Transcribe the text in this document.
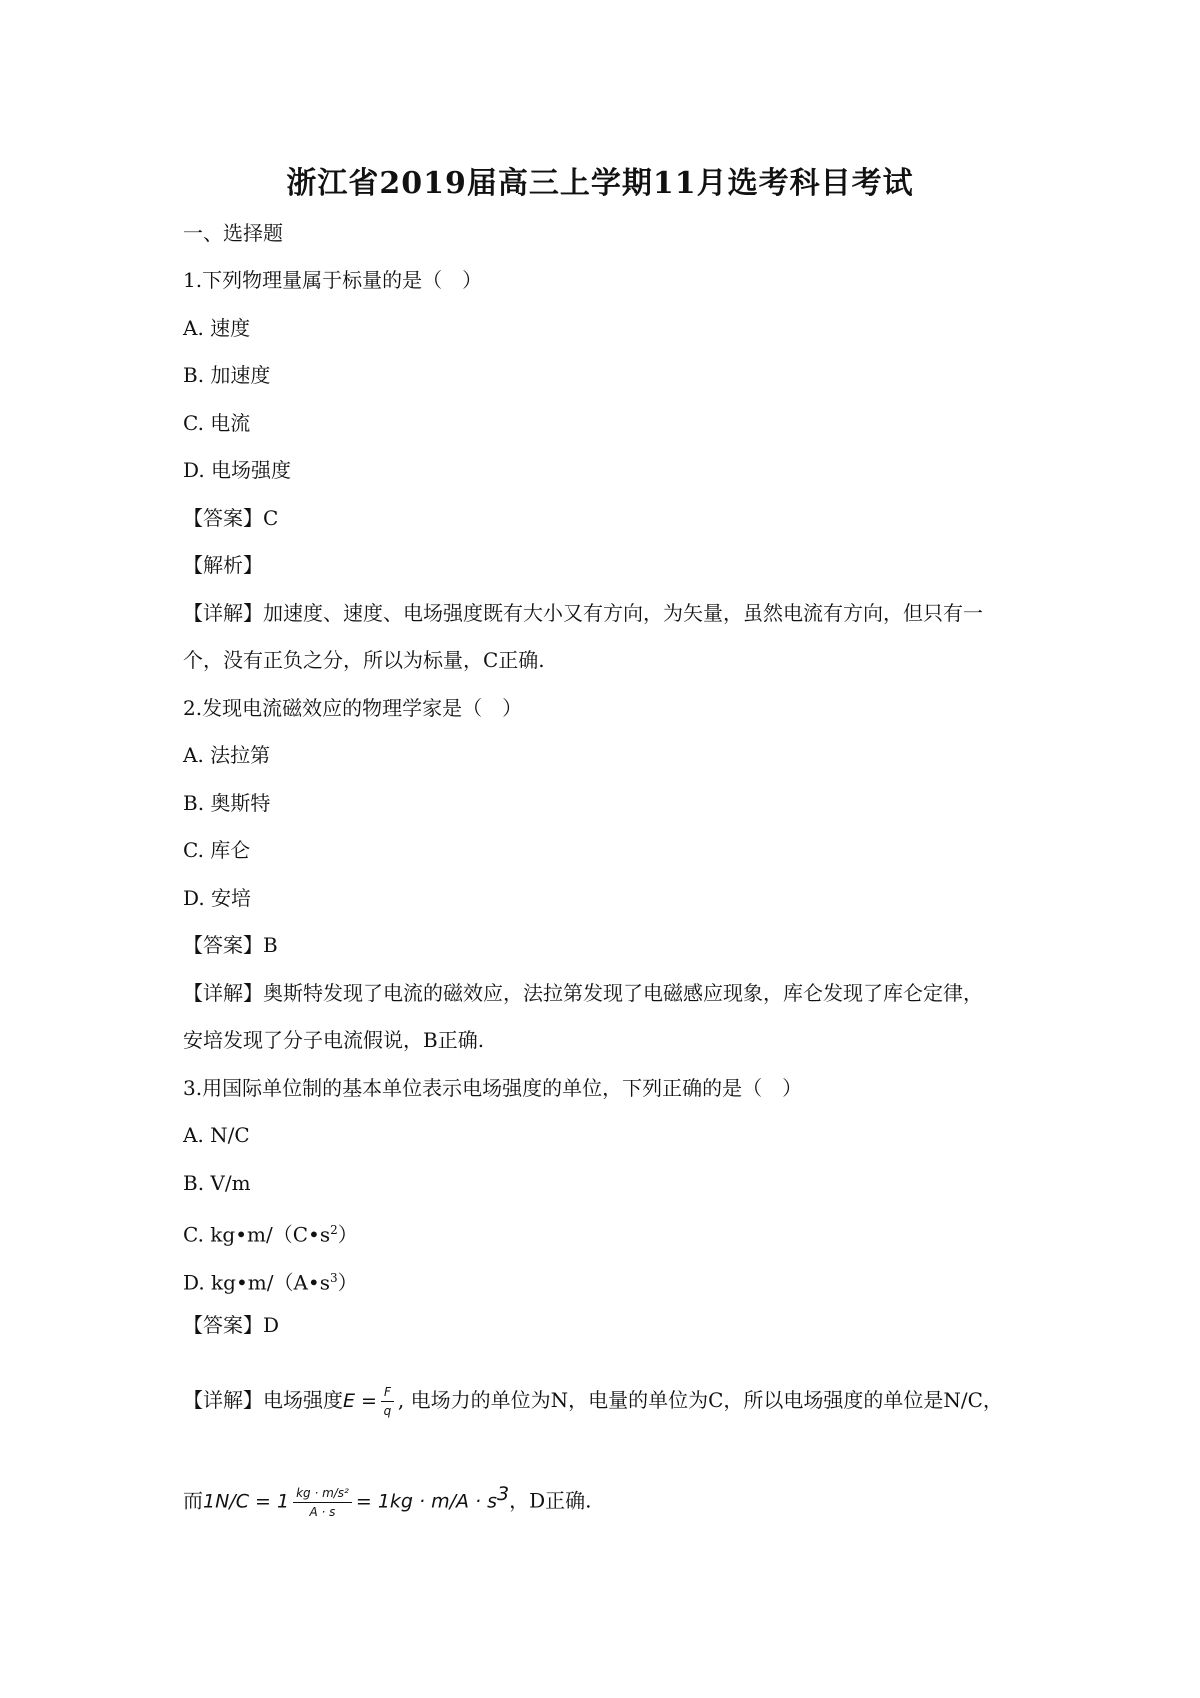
浙江省2019届高三上学期11月选考科目考试
一、选择题
1.下列物理量属于标量的是（　）
A. 速度
B. 加速度
C. 电流
D. 电场强度
【答案】C
【解析】
【详解】加速度、速度、电场强度既有大小又有方向，为矢量，虽然电流有方向，但只有一
个，没有正负之分，所以为标量，C正确.
2.发现电流磁效应的物理学家是（　）
A. 法拉第
B. 奥斯特
C. 库仑
D. 安培
【答案】B
【详解】奥斯特发现了电流的磁效应，法拉第发现了电磁感应现象，库仑发现了库仑定律，
安培发现了分子电流假说，B正确.
3.用国际单位制的基本单位表示电场强度的单位，下列正确的是（　）
A. N/C
B. V/m
C. $kg•m/(C•s^2)$
D. $kg•m/(A•s^3)$
【答案】D
【详解】电场强度$E = \frac{F}{q}$ , 电场力的单位为N，电量的单位为C，所以电场强度的单位是N/C，
而$1N/C = 1 \frac{\text{kg · m/s²}}{A \cdot s} = 1kg \cdot m/A \cdot s^3$，D正确.
